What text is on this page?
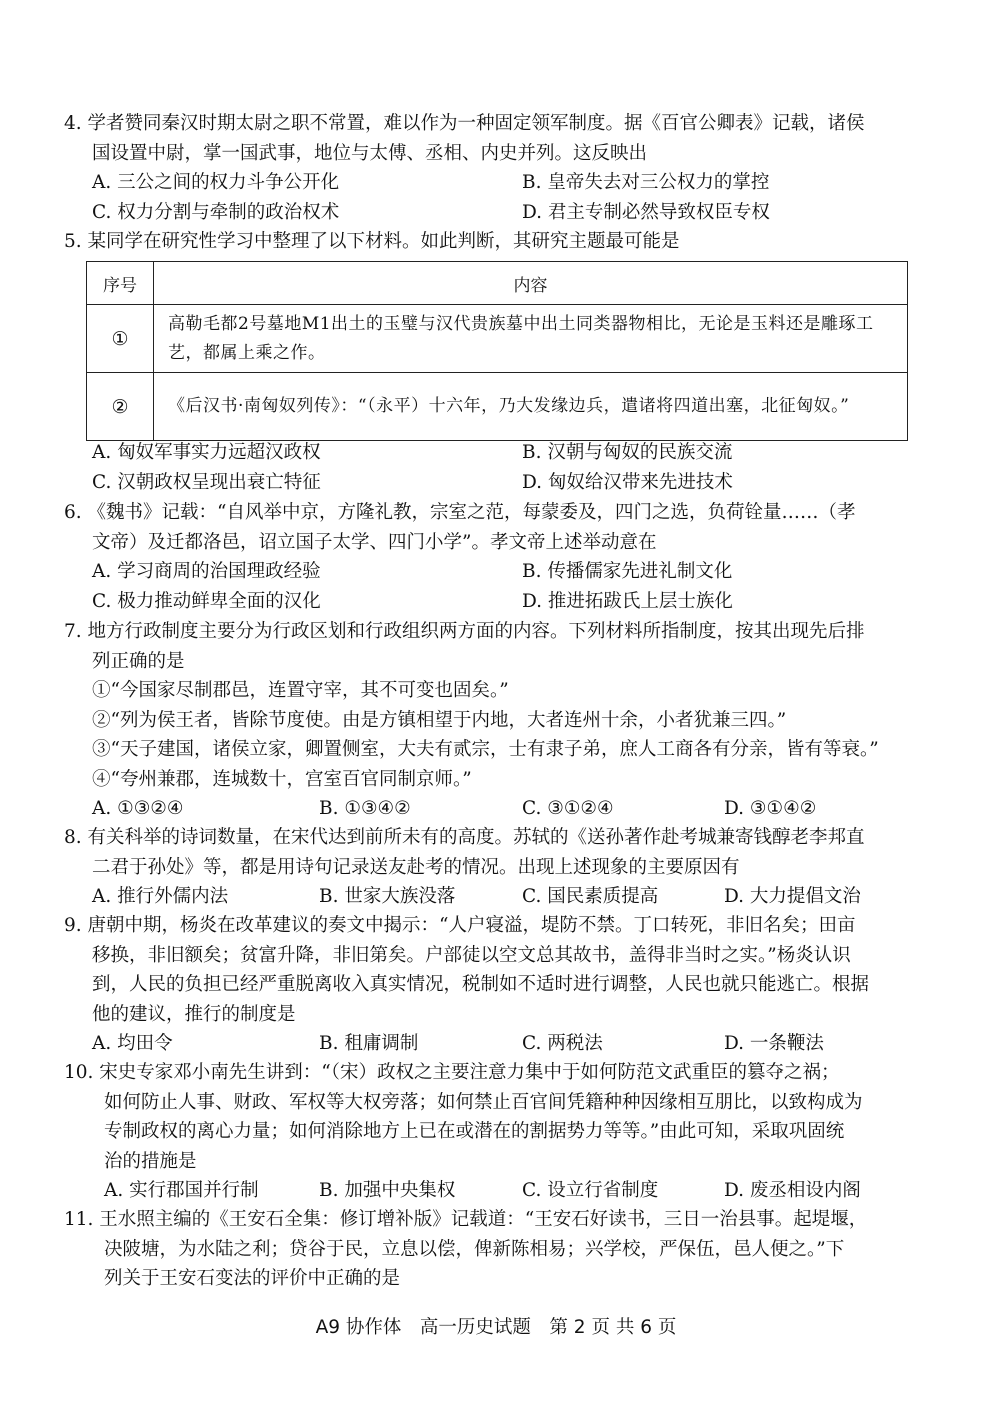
4. 学者赞同秦汉时期太尉之职不常置，难以作为一种固定领军制度。据《百官公卿表》记载，诸侯
国设置中尉，掌一国武事，地位与太傅、丞相、内史并列。这反映出
A. 三公之间的权力斗争公开化	B. 皇帝失去对三公权力的掌控
C. 权力分割与牵制的政治权术	D. 君主专制必然导致权臣专权
5. 某同学在研究性学习中整理了以下材料。如此判断，其研究主题最可能是
序号	内容
①	高勒毛都2号墓地M1出土的玉璧与汉代贵族墓中出土同类器物相比，无论是玉料还是雕琢工艺，都属上乘之作。
②	《后汉书·南匈奴列传》：“（永平）十六年，乃大发缘边兵，遣诸将四道出塞，北征匈奴。”
A. 匈奴军事实力远超汉政权	B. 汉朝与匈奴的民族交流
C. 汉朝政权呈现出衰亡特征	D. 匈奴给汉带来先进技术
6. 《魏书》记载：“自风举中京，方隆礼教，宗室之范，每蒙委及，四门之选，负荷铨量……（孝
文帝）及迁都洛邑，诏立国子太学、四门小学”。孝文帝上述举动意在
A. 学习商周的治国理政经验	B. 传播儒家先进礼制文化
C. 极力推动鲜卑全面的汉化	D. 推进拓跋氏上层士族化
7. 地方行政制度主要分为行政区划和行政组织两方面的内容。下列材料所指制度，按其出现先后排
列正确的是
①“今国家尽制郡邑，连置守宰，其不可变也固矣。”
②“列为侯王者，皆除节度使。由是方镇相望于内地，大者连州十余，小者犹兼三四。”
③“天子建国，诸侯立家，卿置侧室，大夫有贰宗，士有隶子弟，庶人工商各有分亲，皆有等衰。”
④“夸州兼郡，连城数十，宫室百官同制京师。”
A. ①③②④	B. ①③④②	C. ③①②④	D. ③①④②
8. 有关科举的诗词数量，在宋代达到前所未有的高度。苏轼的《送孙著作赴考城兼寄钱醇老李邦直
二君于孙处》等，都是用诗句记录送友赴考的情况。出现上述现象的主要原因有
A. 推行外儒内法	B. 世家大族没落	C. 国民素质提高	D. 大力提倡文治
9. 唐朝中期，杨炎在改革建议的奏文中揭示：“人户寝溢，堤防不禁。丁口转死，非旧名矣；田亩
移换，非旧额矣；贫富升降，非旧第矣。户部徒以空文总其故书，盖得非当时之实。”杨炎认识
到，人民的负担已经严重脱离收入真实情况，税制如不适时进行调整，人民也就只能逃亡。根据
他的建议，推行的制度是
A. 均田令	B. 租庸调制	C. 两税法	D. 一条鞭法
10. 宋史专家邓小南先生讲到：“（宋）政权之主要注意力集中于如何防范文武重臣的篡夺之祸；
如何防止人事、财政、军权等大权旁落；如何禁止百官间凭籍种种因缘相互朋比，以致构成为
专制政权的离心力量；如何消除地方上已在或潜在的割据势力等等。”由此可知，采取巩固统
治的措施是
A. 实行郡国并行制	B. 加强中央集权	C. 设立行省制度	D. 废丞相设内阁
11. 王水照主编的《王安石全集：修订增补版》记载道：“王安石好读书，三日一治县事。起堤堰，
决陂塘，为水陆之利；贷谷于民，立息以偿，俾新陈相易；兴学校，严保伍，邑人便之。”下
列关于王安石变法的评价中正确的是
A9 协作体　高一历史试题　第 2 页 共 6 页
